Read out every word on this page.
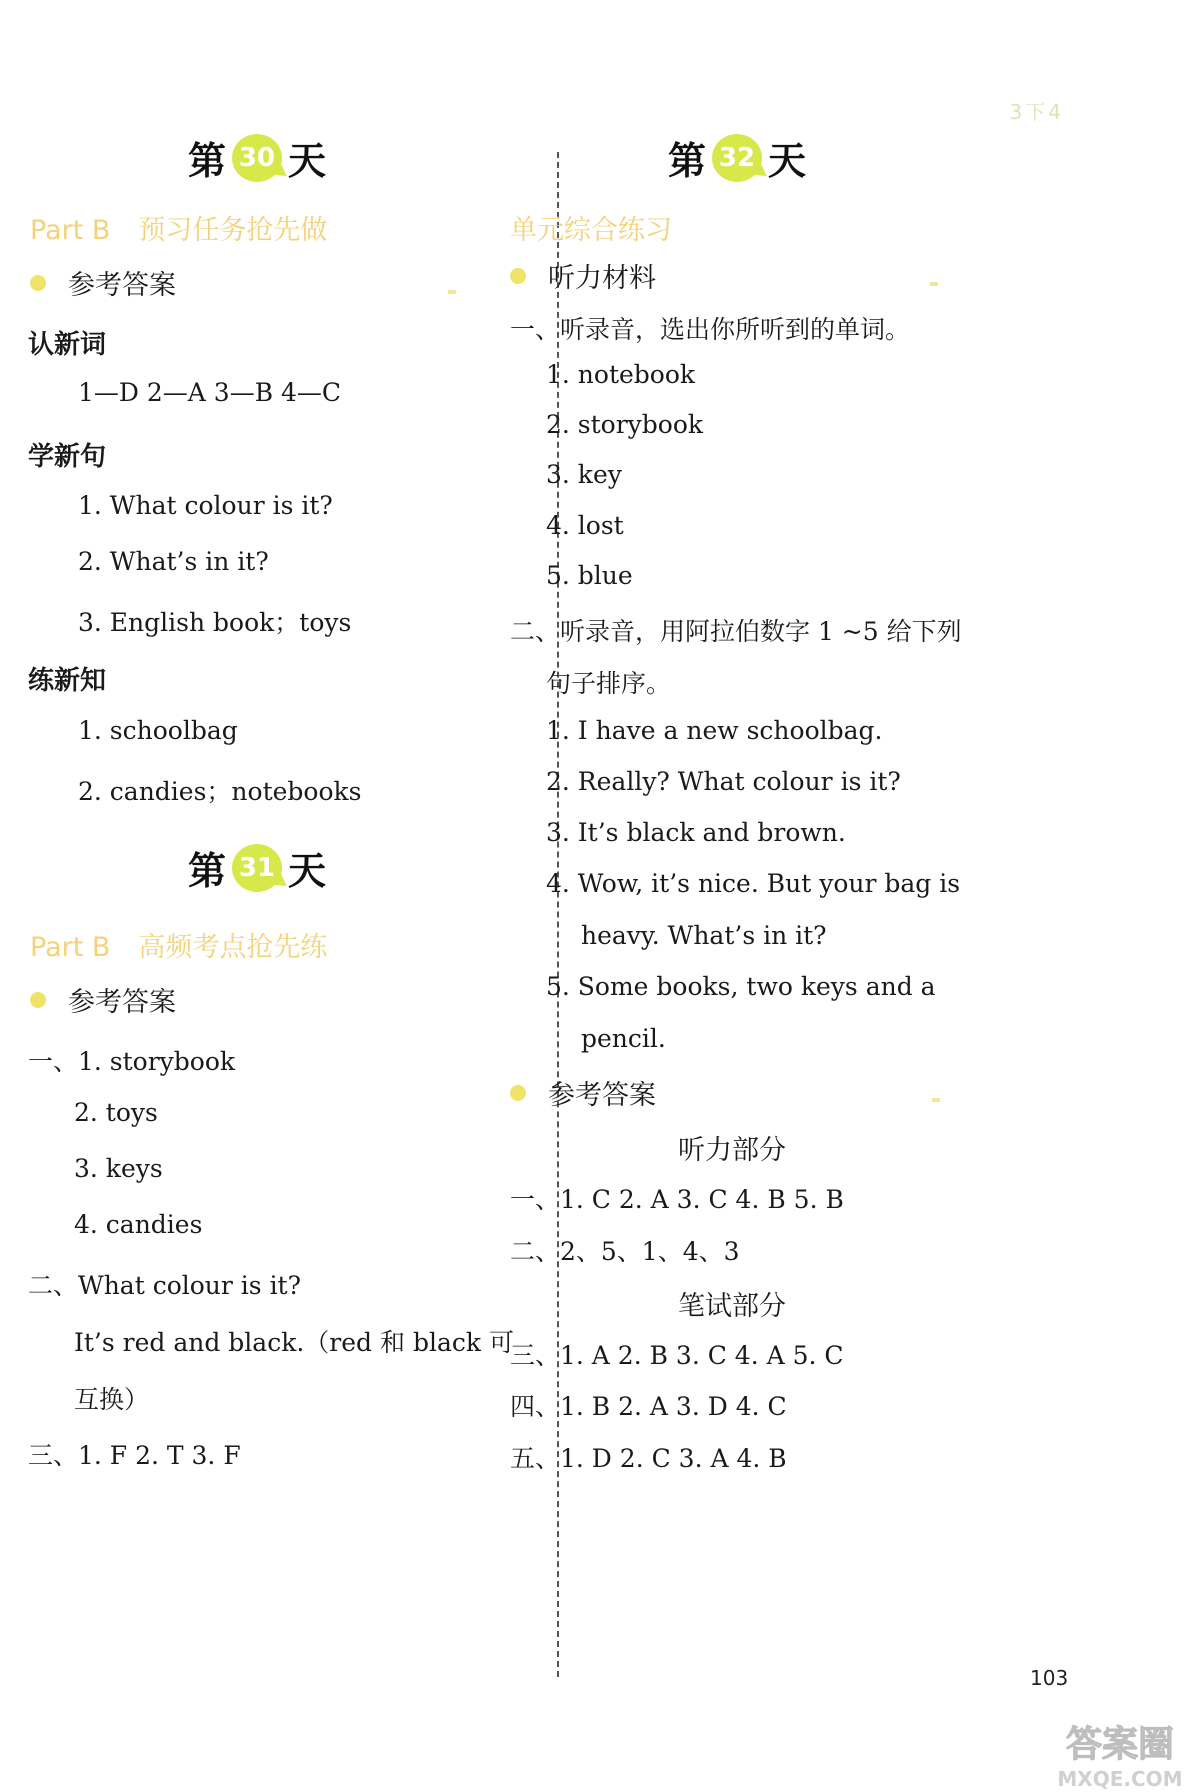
3下4
第 30 天
Part B 预习任务抢先做
参考答案
认新词
1—D 2—A 3—B 4—C
学新句
1. What colour is it?
2. What’s in it?
3. English book；toys
练新知
1. schoolbag
2. candies；notebooks
第 31 天
Part B 高频考点抢先练
参考答案
一、1. storybook
2. toys
3. keys
4. candies
二、What colour is it?
It’s red and black.（red 和 black 可
互换）
三、1. F 2. T 3. F
第 32 天
单元综合练习
听力材料
一、听录音，选出你所听到的单词。
1. notebook
2. storybook
3. key
4. lost
5. blue
二、听录音，用阿拉伯数字 1 ~5 给下列
句子排序。
1. I have a new schoolbag.
2. Really? What colour is it?
3. It’s black and brown.
4. Wow, it’s nice. But your bag is
heavy. What’s in it?
5. Some books, two keys and a
pencil.
参考答案
听力部分
一、1. C 2. A 3. C 4. B 5. B
二、2、5、1、4、3
笔试部分
三、1. A 2. B 3. C 4. A 5. C
四、1. B 2. A 3. D 4. C
五、1. D 2. C 3. A 4. B
103
答案圈
MXQE.COM
